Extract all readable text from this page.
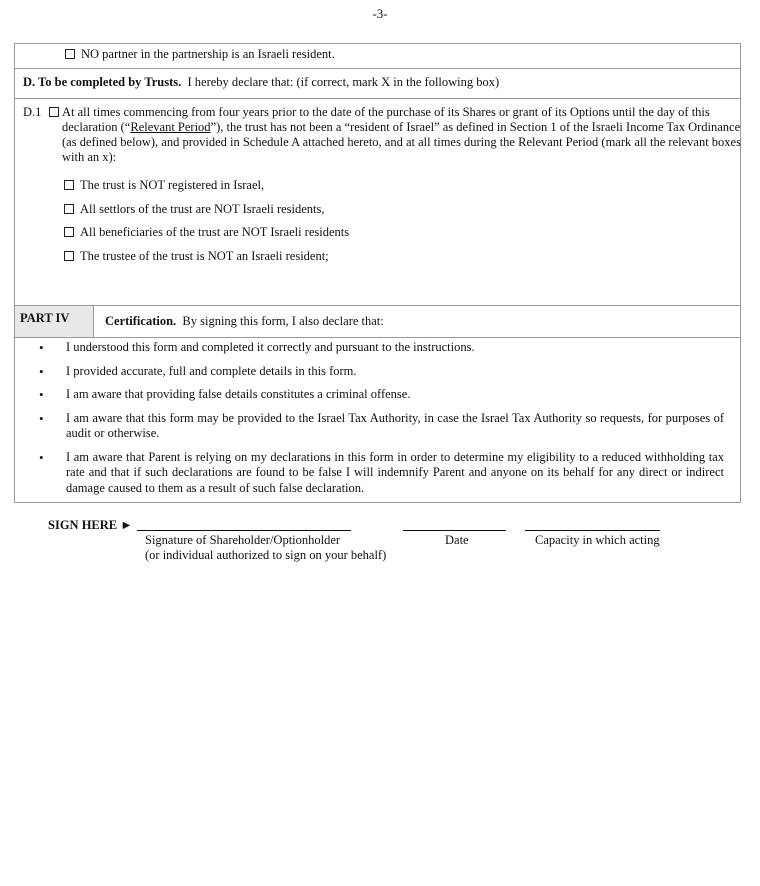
-3-
NO partner in the partnership is an Israeli resident.
D. To be completed by Trusts. I hereby declare that: (if correct, mark X in the following box)
D.1	At all times commencing from four years prior to the date of the purchase of its Shares or grant of its Options until the day of this declaration (“Relevant Period”), the trust has not been a “resident of Israel” as defined in Section 1 of the Israeli Income Tax Ordinance (as defined below), and provided in Schedule A attached hereto, and at all times during the Relevant Period (mark all the relevant boxes with an x):
The trust is NOT registered in Israel,
All settlors of the trust are NOT Israeli residents,
All beneficiaries of the trust are NOT Israeli residents
The trustee of the trust is NOT an Israeli resident;
PART IV	Certification. By signing this form, I also declare that:
• I understood this form and completed it correctly and pursuant to the instructions.
• I provided accurate, full and complete details in this form.
• I am aware that providing false details constitutes a criminal offense.
• I am aware that this form may be provided to the Israel Tax Authority, in case the Israel Tax Authority so requests, for purposes of audit or otherwise.
• I am aware that Parent is relying on my declarations in this form in order to determine my eligibility to a reduced withholding tax rate and that if such declarations are found to be false I will indemnify Parent and anyone on its behalf for any direct or indirect damage caused to them as a result of such false declaration.
SIGN HERE ►
Signature of Shareholder/Optionholder
(or individual authorized to sign on your behalf)
Date	Capacity in which acting
